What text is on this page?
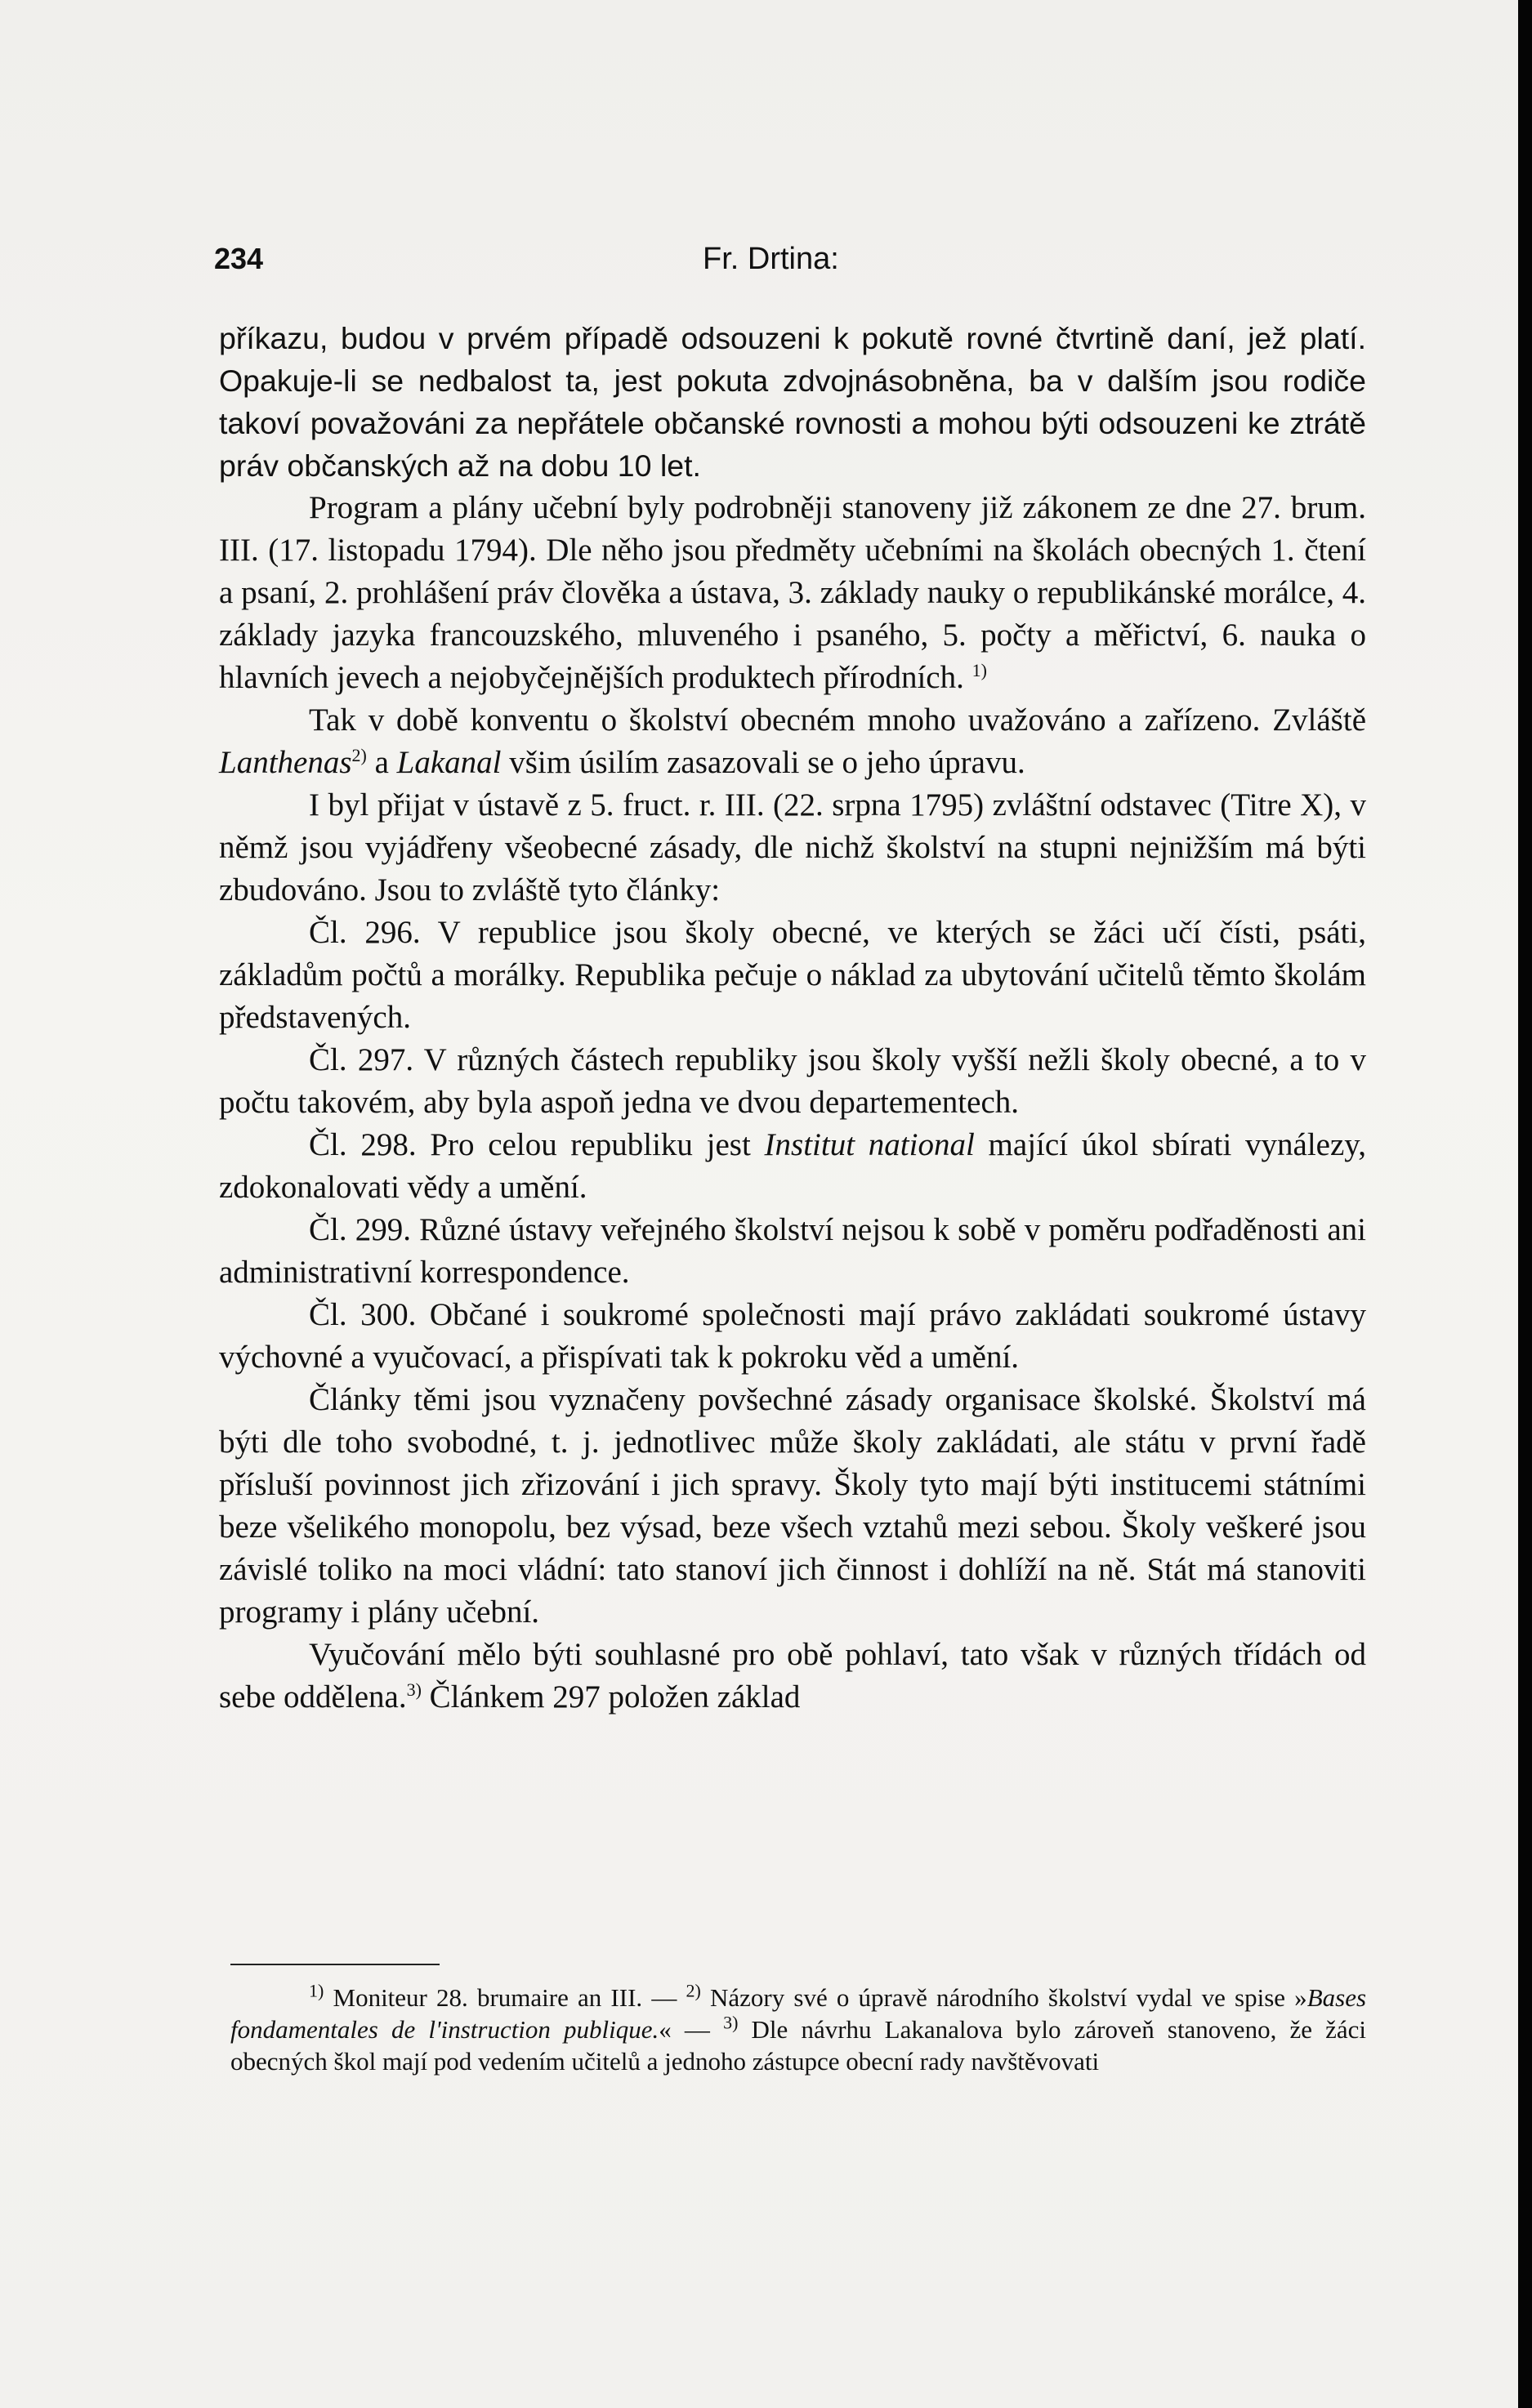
234	Fr. Drtina:

příkazu, budou v prvém případě odsouzeni k pokutě rovné čtvrtině daní, jež platí. Opakuje-li se nedbalost ta, jest pokuta zdvojnásobněna, ba v dalším jsou rodiče takoví považováni za nepřátele občanské rovnosti a mohou býti odsouzeni ke ztrátě práv občanských až na dobu 10 let.

Program a plány učební byly podrobněji stanoveny již zákonem ze dne 27. brum. III. (17. listopadu 1794). Dle něho jsou předměty učebními na školách obecných 1. čtení a psaní, 2. prohlášení práv člověka a ústava, 3. základy nauky o republikánské morálce, 4. základy jazyka francouzského, mluveného i psaného, 5. počty a měřictví, 6. nauka o hlavních jevech a nejobyčejnějších produktech přírodních. $^{1)}$

Tak v době konventu o školství obecném mnoho uvažováno a zařízeno. Zvláště Lanthenas$^{2)}$ a Lakanal všim úsilím zasazovali se o jeho úpravu.

I byl přijat v ústavě z 5. fruct. r. III. (22. srpna 1795) zvláštní odstavec (Titre X), v němž jsou vyjádřeny všeobecné zásady, dle nichž školství na stupni nejnižším má býti zbudováno. Jsou to zvláště tyto články:

Čl. 296. V republice jsou školy obecné, ve kterých se žáci učí čísti, psáti, základům počtů a morálky. Republika pečuje o náklad za ubytování učitelů těmto školám představených.

Čl. 297. V různých částech republiky jsou školy vyšší nežli školy obecné, a to v počtu takovém, aby byla aspoň jedna ve dvou departementech.

Čl. 298. Pro celou republiku jest Institut national mající úkol sbírati vynálezy, zdokonalovati vědy a umění.

Čl. 299. Různé ústavy veřejného školství nejsou k sobě v poměru podřaděnosti ani administrativní korrespondence.

Čl. 300. Občané i soukromé společnosti mají právo zakládati soukromé ústavy výchovné a vyučovací, a přispívati tak k pokroku věd a umění.

Články těmi jsou vyznačeny povšechné zásady organisace školské. Školství má býti dle toho svobodné, t. j. jednotlivec může školy zakládati, ale státu v první řadě přísluší povinnost jich zřizování i jich spravy. Školy tyto mají býti institucemi státními beze všelikého monopolu, bez výsad, beze všech vztahů mezi sebou. Školy veškeré jsou závislé toliko na moci vládní: tato stanoví jich činnost i dohlíží na ně. Stát má stanoviti programy i plány učební.

Vyučování mělo býti souhlasné pro obě pohlaví, tato však v různých třídách od sebe oddělena.$^{3)}$ Článkem 297 položen základ

$^{1)}$ Moniteur 28. brumaire an III. — $^{2)}$ Názory své o úpravě národního školství vydal ve spise »Bases fondamentales de l'instruction publique.« — $^{3)}$ Dle návrhu Lakanalova bylo zároveň stanoveno, že žáci obecných škol mají pod vedením učitelů a jednoho zástupce obecní rady navštěvovati
